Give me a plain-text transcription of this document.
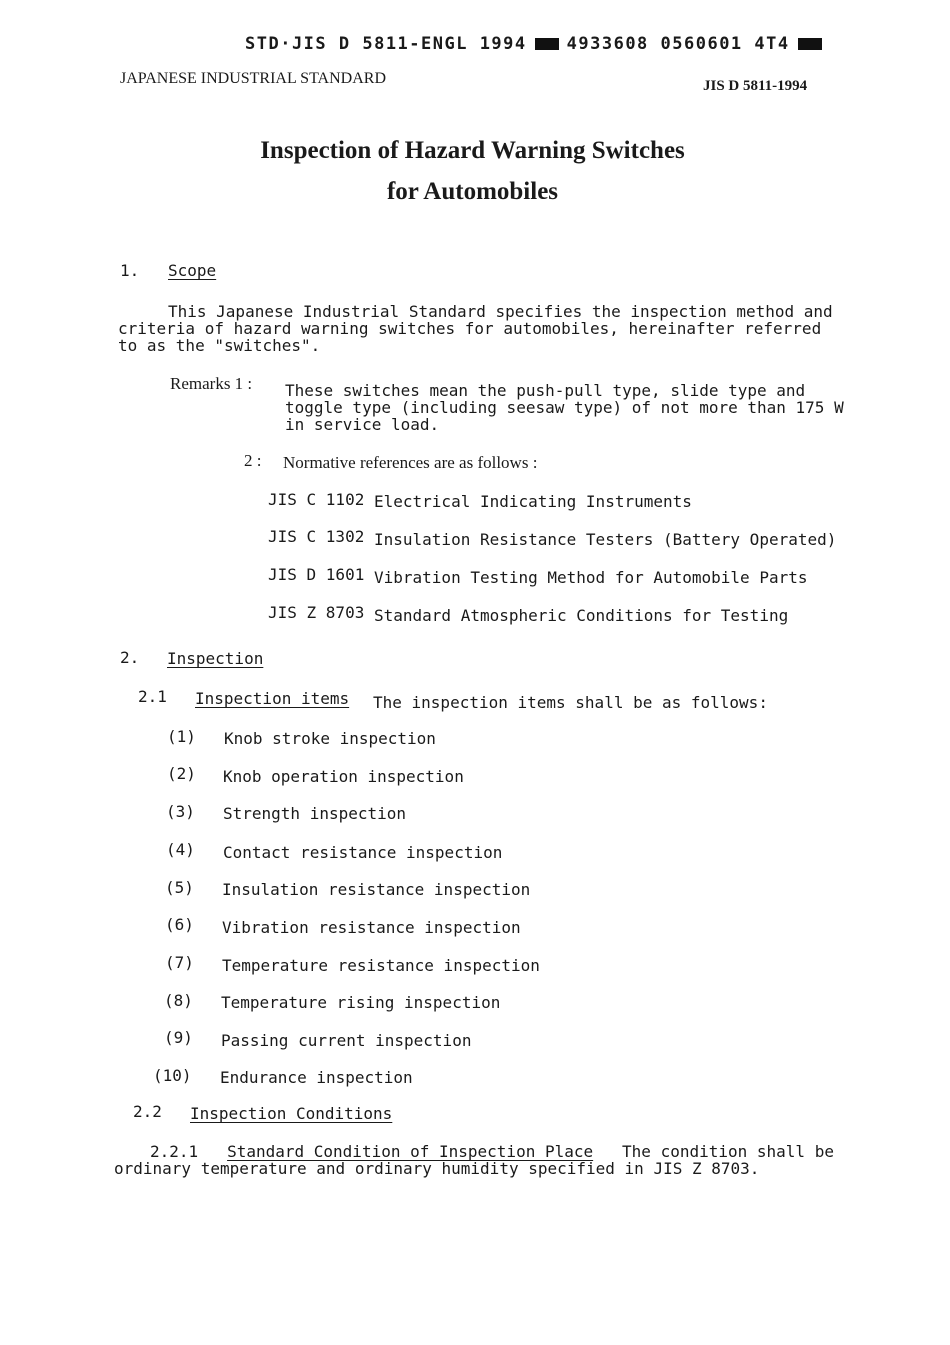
STD·JIS D 5811-ENGL 1994 4933608 0560601 4T4
JAPANESE INDUSTRIAL STANDARD	JIS D 5811-1994
Inspection of Hazard Warning Switches
for Automobiles
1. Scope
This Japanese Industrial Standard specifies the inspection method and criteria of hazard warning switches for automobiles, hereinafter referred to as the "switches".
Remarks 1 : These switches mean the push-pull type, slide type and toggle type (including seesaw type) of not more than 175 W in service load.
2 : Normative references are as follows :
JIS C 1102 Electrical Indicating Instruments
JIS C 1302 Insulation Resistance Testers (Battery Operated)
JIS D 1601 Vibration Testing Method for Automobile Parts
JIS Z 8703 Standard Atmospheric Conditions for Testing
2. Inspection
2.1 Inspection items The inspection items shall be as follows:
(1) Knob stroke inspection
(2) Knob operation inspection
(3) Strength inspection
(4) Contact resistance inspection
(5) Insulation resistance inspection
(6) Vibration resistance inspection
(7) Temperature resistance inspection
(8) Temperature rising inspection
(9) Passing current inspection
(10) Endurance inspection
2.2 Inspection Conditions
2.2.1 Standard Condition of Inspection Place The condition shall be ordinary temperature and ordinary humidity specified in JIS Z 8703.
